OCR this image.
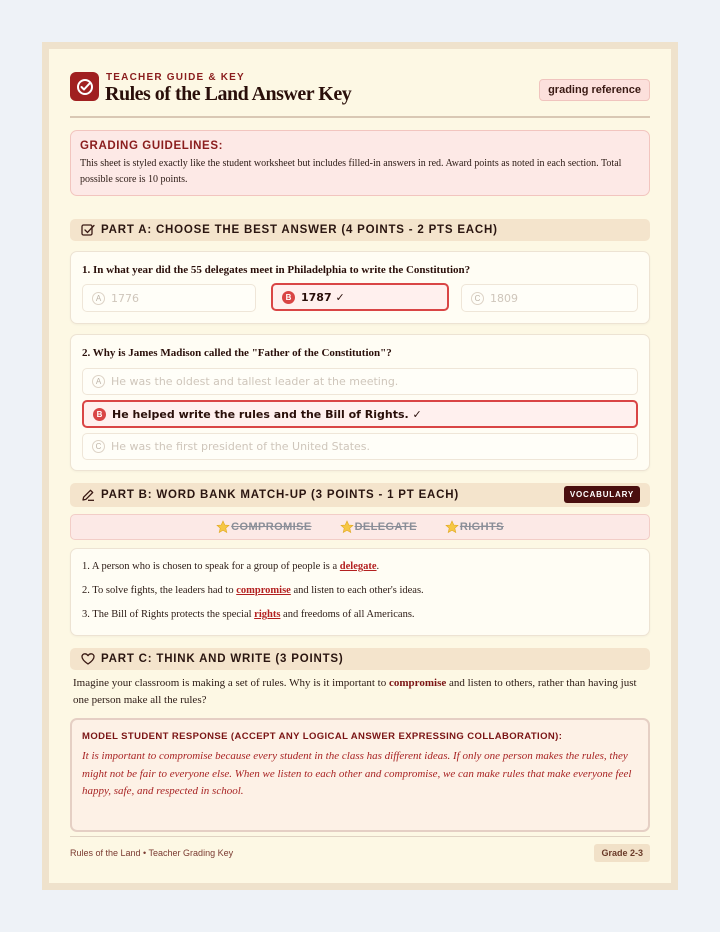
TEACHER GUIDE & KEY
Rules of the Land Answer Key	grading reference
GRADING GUIDELINES:

This sheet is styled exactly like the student worksheet but includes filled-in answers in red. Award points as noted in each section. Total possible score is 10 points.

PART A: CHOOSE THE BEST ANSWER (4 POINTS - 2 PTS EACH)
1. In what year did the 55 delegates meet in Philadelphia to write the Constitution?
A 1776	B 1787 ✓	C 1809
2. Why is James Madison called the "Father of the Constitution"?
A He was the oldest and tallest leader at the meeting.
B He helped write the rules and the Bill of Rights. ✓
C He was the first president of the United States.
PART B: WORD BANK MATCH-UP (3 POINTS - 1 PT EACH)	VOCABULARY
COMPROMISE	DELEGATE	RIGHTS
1. A person who is chosen to speak for a group of people is a delegate.
2. To solve fights, the leaders had to compromise and listen to each other's ideas.
3. The Bill of Rights protects the special rights and freedoms of all Americans.
PART C: THINK AND WRITE (3 POINTS)
Imagine your classroom is making a set of rules. Why is it important to compromise and listen to others, rather than having just one person make all the rules?
MODEL STUDENT RESPONSE (ACCEPT ANY LOGICAL ANSWER EXPRESSING COLLABORATION):

It is important to compromise because every student in the class has different ideas. If only one person makes the rules, they might not be fair to everyone else. When we listen to each other and compromise, we can make rules that make everyone feel happy, safe, and respected in school.

Rules of the Land • Teacher Grading Key	Grade 2-3
